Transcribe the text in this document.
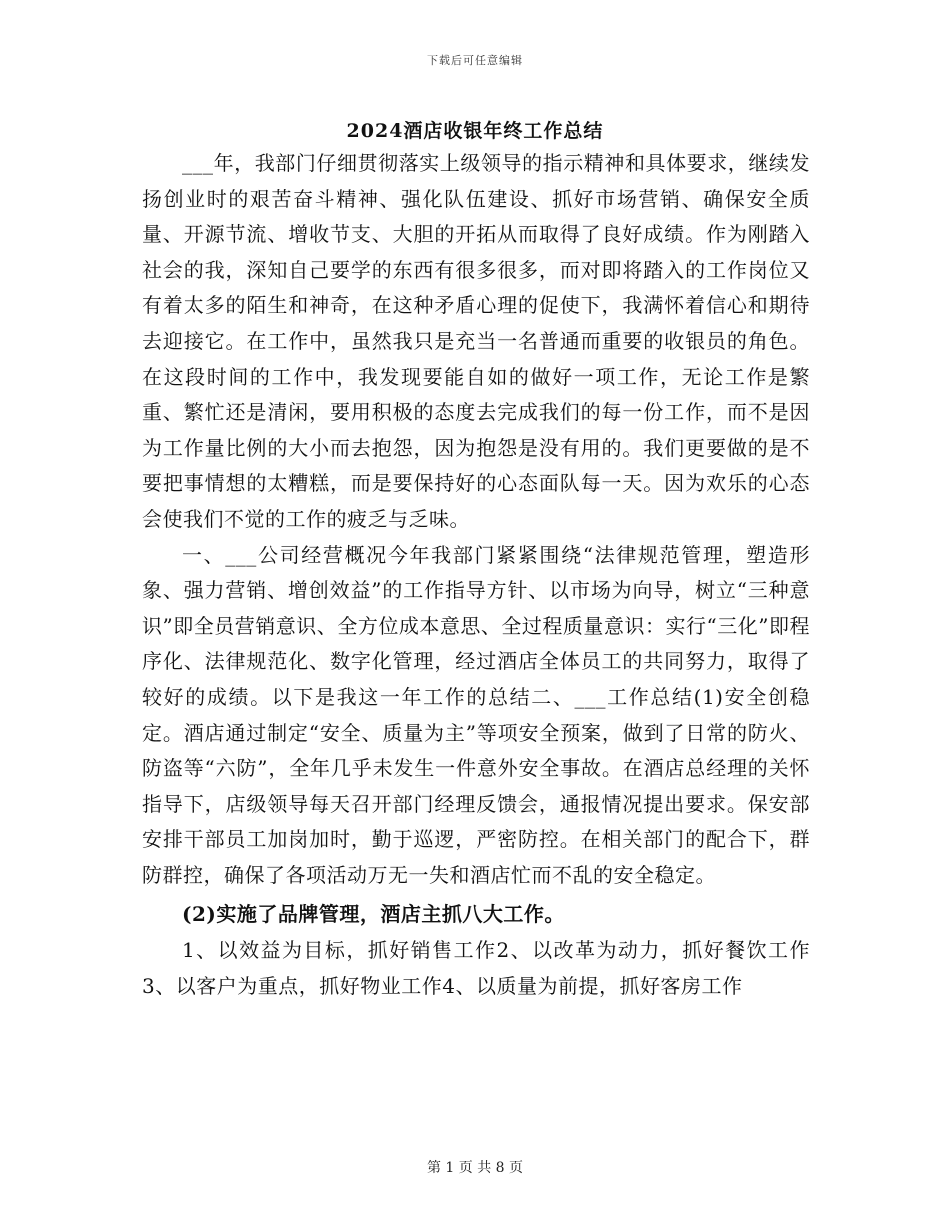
下载后可任意编辑
2024酒店收银年终工作总结

___年，我部门仔细贯彻落实上级领导的指示精神和具体要求，继续发扬创业时的艰苦奋斗精神、强化队伍建设、抓好市场营销、确保安全质量、开源节流、增收节支、大胆的开拓从而取得了良好成绩。作为刚踏入社会的我，深知自己要学的东西有很多很多，而对即将踏入的工作岗位又有着太多的陌生和神奇，在这种矛盾心理的促使下，我满怀着信心和期待去迎接它。在工作中，虽然我只是充当一名普通而重要的收银员的角色。在这段时间的工作中，我发现要能自如的做好一项工作，无论工作是繁重、繁忙还是清闲，要用积极的态度去完成我们的每一份工作，而不是因为工作量比例的大小而去抱怨，因为抱怨是没有用的。我们更要做的是不要把事情想的太糟糕，而是要保持好的心态面队每一天。因为欢乐的心态会使我们不觉的工作的疲乏与乏味。

一、___公司经营概况今年我部门紧紧围绕“法律规范管理，塑造形象、强力营销、增创效益”的工作指导方针、以市场为向导，树立“三种意识”即全员营销意识、全方位成本意思、全过程质量意识：实行“三化”即程序化、法律规范化、数字化管理，经过酒店全体员工的共同努力，取得了较好的成绩。以下是我这一年工作的总结二、___工作总结(1)安全创稳定。酒店通过制定“安全、质量为主”等项安全预案，做到了日常的防火、防盗等“六防”，全年几乎未发生一件意外安全事故。在酒店总经理的关怀指导下，店级领导每天召开部门经理反馈会，通报情况提出要求。保安部安排干部员工加岗加时，勤于巡逻，严密防控。在相关部门的配合下，群防群控，确保了各项活动万无一失和酒店忙而不乱的安全稳定。

(2)实施了品牌管理，酒店主抓八大工作。

1、以效益为目标，抓好销售工作2、以改革为动力，抓好餐饮工作3、以客户为重点，抓好物业工作4、以质量为前提，抓好客房工作

第 1 页 共 8 页
